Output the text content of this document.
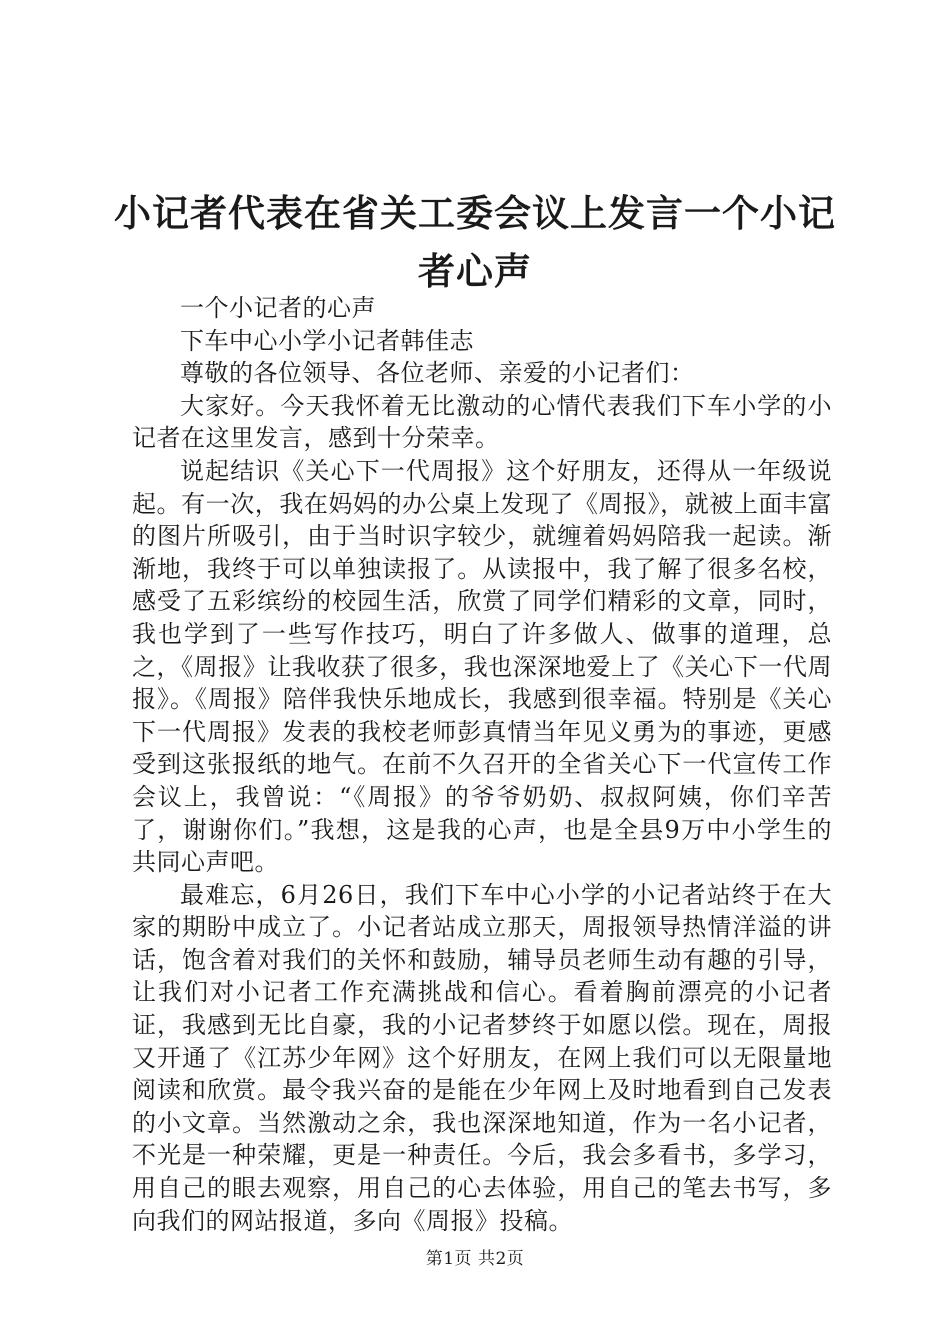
小记者代表在省关工委会议上发言一个小记者心声

一个小记者的心声

下车中心小学小记者韩佳志

尊敬的各位领导、各位老师、亲爱的小记者们：

大家好。今天我怀着无比激动的心情代表我们下车小学的小记者在这里发言，感到十分荣幸。

说起结识《关心下一代周报》这个好朋友，还得从一年级说起。有一次，我在妈妈的办公桌上发现了《周报》，就被上面丰富的图片所吸引，由于当时识字较少，就缠着妈妈陪我一起读。渐渐地，我终于可以单独读报了。从读报中，我了解了很多名校，感受了五彩缤纷的校园生活，欣赏了同学们精彩的文章，同时，我也学到了一些写作技巧，明白了许多做人、做事的道理，总之，《周报》让我收获了很多，我也深深地爱上了《关心下一代周报》。《周报》陪伴我快乐地成长，我感到很幸福。特别是《关心下一代周报》发表的我校老师彭真情当年见义勇为的事迹，更感受到这张报纸的地气。在前不久召开的全省关心下一代宣传工作会议上，我曾说：“《周报》的爷爷奶奶、叔叔阿姨，你们辛苦了，谢谢你们。”我想，这是我的心声，也是全县9万中小学生的共同心声吧。

最难忘，6月26日，我们下车中心小学的小记者站终于在大家的期盼中成立了。小记者站成立那天，周报领导热情洋溢的讲话，饱含着对我们的关怀和鼓励，辅导员老师生动有趣的引导，让我们对小记者工作充满挑战和信心。看着胸前漂亮的小记者证，我感到无比自豪，我的小记者梦终于如愿以偿。现在，周报又开通了《江苏少年网》这个好朋友，在网上我们可以无限量地阅读和欣赏。最令我兴奋的是能在少年网上及时地看到自己发表的小文章。当然激动之余，我也深深地知道，作为一名小记者，不光是一种荣耀，更是一种责任。今后，我会多看书，多学习，用自己的眼去观察，用自己的心去体验，用自己的笔去书写，多向我们的网站报道，多向《周报》投稿。

第1页 共2页
